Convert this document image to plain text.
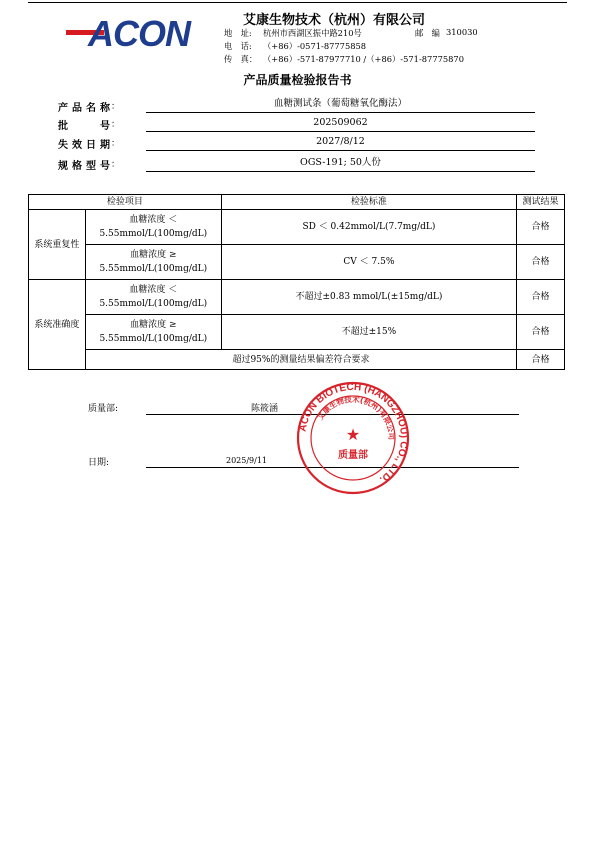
ACON	艾康生物技术（杭州）有限公司
地　址: 杭州市西湖区振中路210号	邮　编 310030
电　话: （+86）-0571-87775858
传　真： （+86）-571-87977710 /（+86）-571-87775870
产品质量检验报告书
产品名称 ：	血糖测试条（葡萄糖氧化酶法）
批号 ：	202509062
失效日期 ：	2027/8/12
规格型号 ：	OGS-191; 50人份
检验项目		检验标准	测试结果
系统重复性	血糖浓度 ＜
5.55mmol/L(100mg/dL)	SD ＜ 0.42mmol/L(7.7mg/dL)	合格

	血糖浓度 ≥
5.55mmol/L(100mg/dL)	CV ＜ 7.5%	合格
系统准确度	血糖浓度 ＜
5.55mmol/L(100mg/dL)	不超过±0.83 mmol/L(±15mg/dL)	合格

	血糖浓度 ≥
5.55mmol/L(100mg/dL)	不超过±15%	合格
	超过95%的测量结果偏差符合要求		合格
质量部:	陈筱涵
日期:	2025/9/11
ACON BIOTECH (HANGZHOU) CO., LTD.
艾康生物技术(杭州)有限公司
质量部
★
